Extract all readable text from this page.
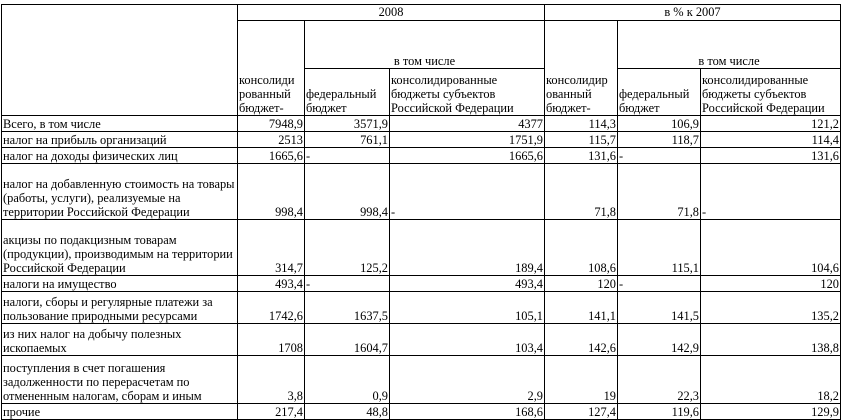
	2008			в % к 2007		
		в том числе			в том числе	
	консолиди рованный бюджет-	федеральный бюджет	консолидированные бюджеты субъектов Российской Федерации	консолидир ованный бюджет-	федеральный бюджет	консолидированные бюджеты субъектов Российской Федерации
Всего, в том числе	7948,9	3571,9	4377	114,3	106,9	121,2
налог на прибыль организаций	2513	761,1	1751,9	115,7	118,7	114,4
налог на доходы физических лиц	1665,6	-	1665,6	131,6	-	131,6
налог на добавленную стоимость на товары (работы, услуги), реализуемые на территории Российской Федерации	998,4	998,4	-	71,8	71,8	-
акцизы по подакцизным товарам (продукции), производимым на территории Российской Федерации	314,7	125,2	189,4	108,6	115,1	104,6
налоги на имущество	493,4	-	493,4	120	-	120
налоги, сборы и регулярные платежи за пользование природными ресурсами	1742,6	1637,5	105,1	141,1	141,5	135,2
из них налог на добычу полезных ископаемых	1708	1604,7	103,4	142,6	142,9	138,8
поступления в счет погашения задолженности по перерасчетам по отмененным налогам, сборам и иным	3,8	0,9	2,9	19	22,3	18,2
прочие	217,4	48,8	168,6	127,4	119,6	129,9
